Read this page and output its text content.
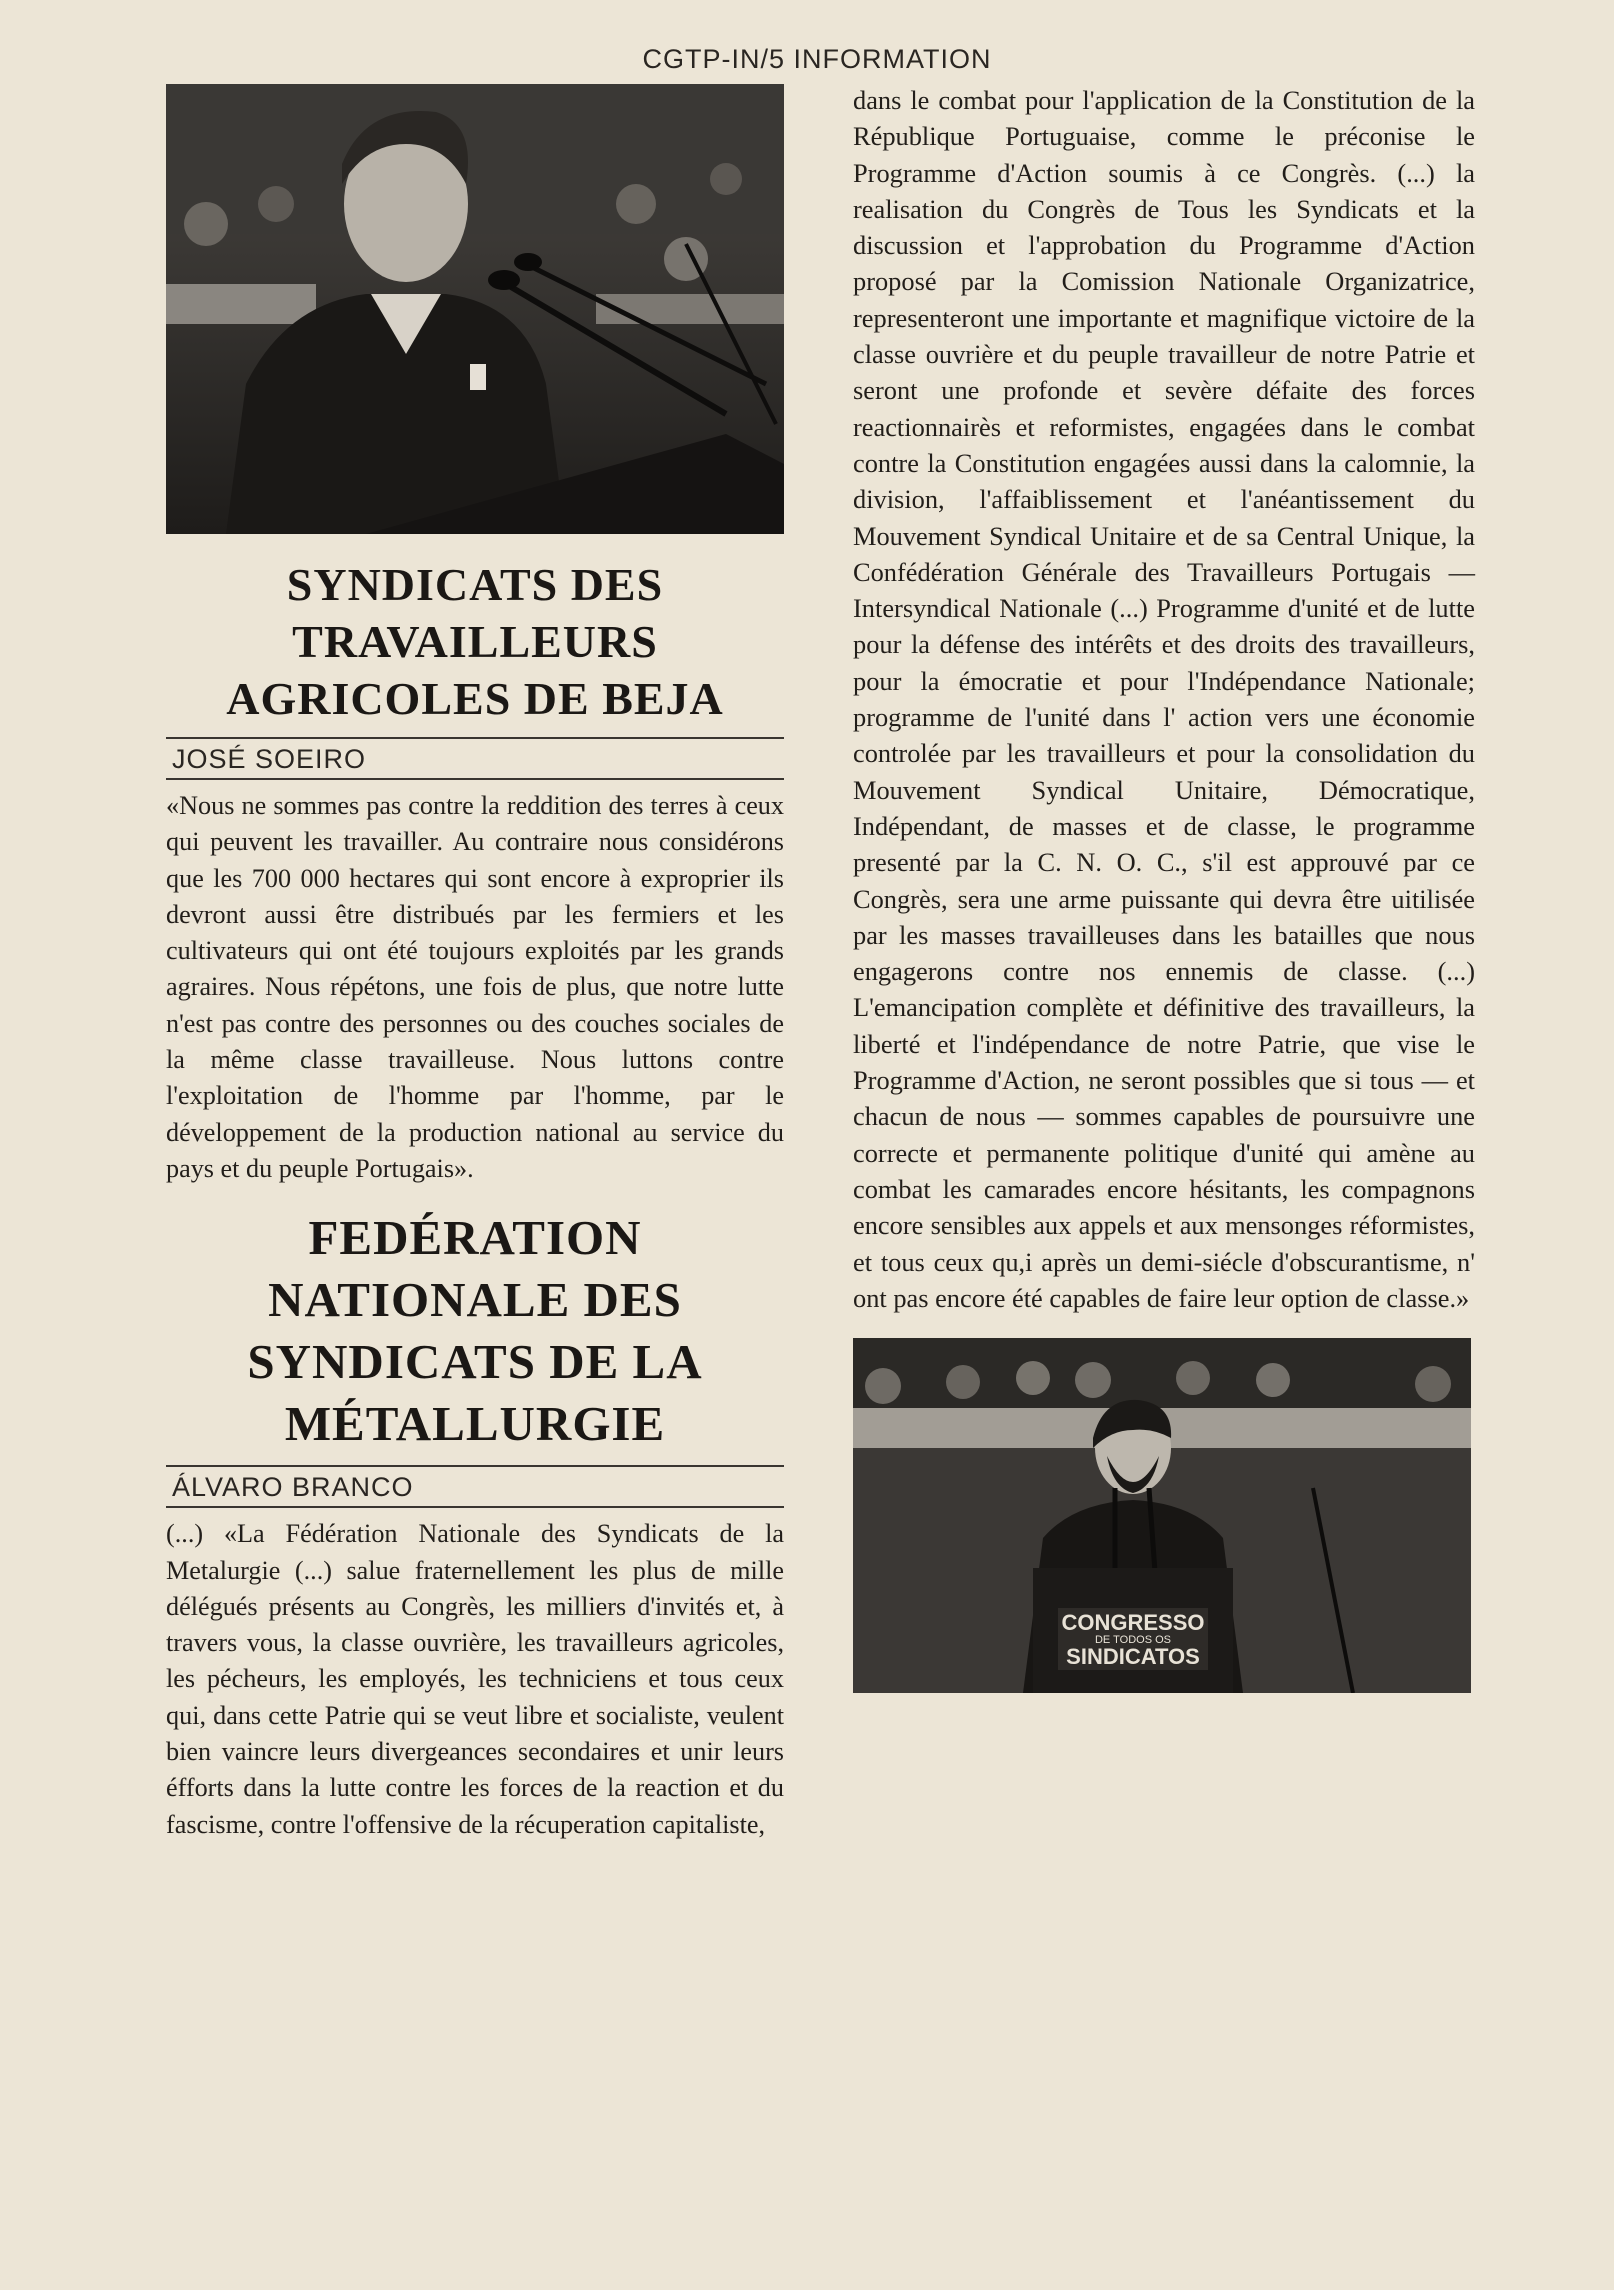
CGTP-IN/5 INFORMATION
SYNDICATS DES TRAVAILLEURS AGRICOLES DE BEJA
JOSÉ SOEIRO

«Nous ne sommes pas contre la reddition des terres à ceux qui peuvent les travailler. Au contraire nous considérons que les 700 000 hectares qui sont encore à exproprier ils devront aussi être distribués par les fermiers et les cultivateurs qui ont été toujours exploités par les grands agraires. Nous répétons, une fois de plus, que notre lutte n'est pas contre des personnes ou des couches sociales de la même classe travailleuse. Nous luttons contre l'exploitation de l'homme par l'homme, par le développement de la production national au service du pays et du peuple Portugais».

FEDÉRATION NATIONALE DES SYNDICATS DE LA MÉTALLURGIE
ÁLVARO BRANCO

(...) «La Fédération Nationale des Syndicats de la Metalurgie (...) salue fraternellement les plus de mille délégués présents au Congrès, les milliers d'invités et, à travers vous, la classe ouvrière, les travailleurs agricoles, les pécheurs, les employés, les techniciens et tous ceux qui, dans cette Patrie qui se veut libre et socialiste, veulent bien vaincre leurs divergeances secondaires et unir leurs éfforts dans la lutte contre les forces de la reaction et du fascisme, contre l'offensive de la récuperation capitaliste,

dans le combat pour l'application de la Constitution de la République Portuguaise, comme le préconise le Programme d'Action soumis à ce Congrès. (...) la realisation du Congrès de Tous les Syndicats et la discussion et l'approbation du Programme d'Action proposé par la Comission Nationale Organizatrice, representeront une importante et magnifique victoire de la classe ouvrière et du peuple travailleur de notre Patrie et seront une profonde et sevère défaite des forces reactionnairès et reformistes, engagées dans le combat contre la Constitution engagées aussi dans la calomnie, la division, l'affaiblissement et l'anéantissement du Mouvement Syndical Unitaire et de sa Central Unique, la Confédération Générale des Travailleurs Portugais — Intersyndical Nationale (...) Programme d'unité et de lutte pour la défense des intérêts et des droits des travailleurs, pour la émocratie et pour l'Indépendance Nationale; programme de l'unité dans l' action vers une économie controlée par les travailleurs et pour la consolidation du Mouvement Syndical Unitaire, Démocratique, Indépendant, de masses et de classe, le programme presenté par la C. N. O. C., s'il est approuvé par ce Congrès, sera une arme puissante qui devra être uitilisée par les masses travailleuses dans les batailles que nous engagerons contre nos ennemis de classe. (...) L'emancipation complète et définitive des travailleurs, la liberté et l'indépendance de notre Patrie, que vise le Programme d'Action, ne seront possibles que si tous — et chacun de nous — sommes capables de poursuivre une correcte et permanente politique d'unité qui amène au combat les camarades encore hésitants, les compagnons encore sensibles aux appels et aux mensonges réformistes, et tous ceux qu,i après un demi-siécle d'obscurantisme, n' ont pas encore été capables de faire leur option de classe.»

CONGRESSO
DE TODOS OS
SINDICATOS
